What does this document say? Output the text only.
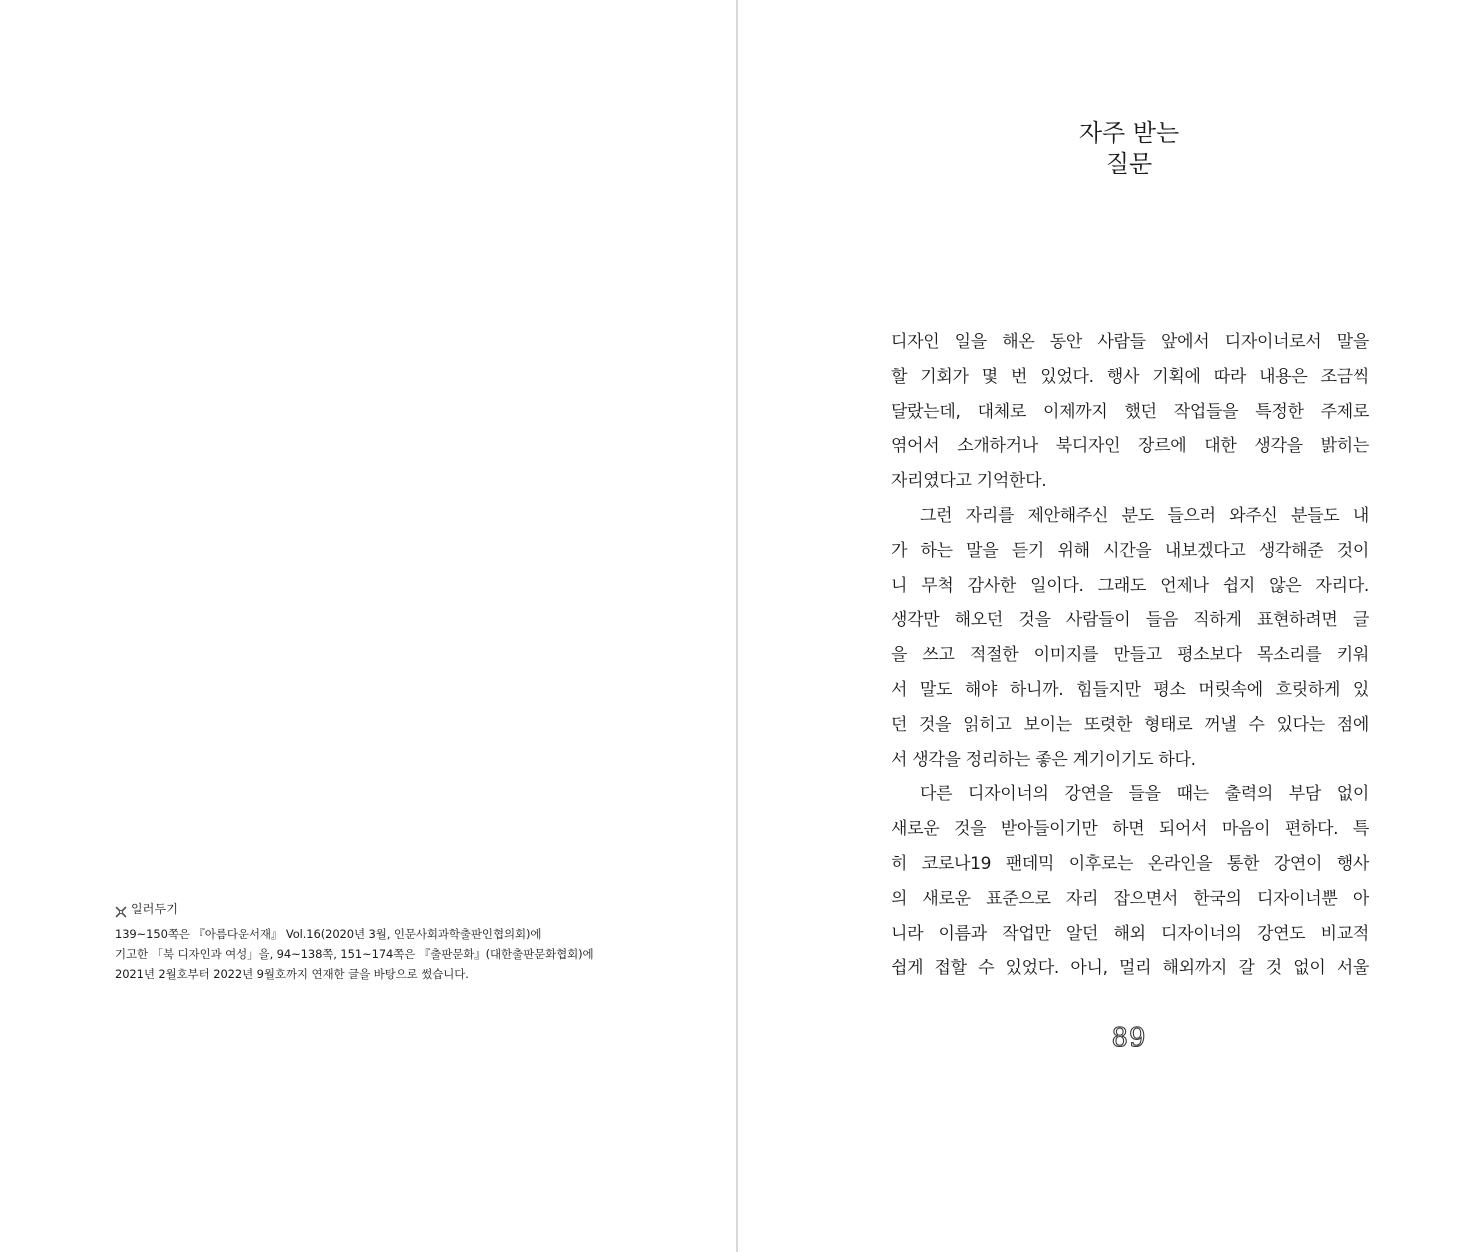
일러두기
139~150쪽은 『아름다운서재』 Vol.16(2020년 3월, 인문사회과학출판인협의회)에
기고한 「북 디자인과 여성」을, 94~138쪽, 151~174쪽은 『출판문화』(대한출판문화협회)에
2021년 2월호부터 2022년 9월호까지 연재한 글을 바탕으로 썼습니다.
자주 받는
질문
디자인 일을 해온 동안 사람들 앞에서 디자이너로서 말을
할 기회가 몇 번 있었다. 행사 기획에 따라 내용은 조금씩
달랐는데, 대체로 이제까지 했던 작업들을 특정한 주제로
엮어서 소개하거나 북디자인 장르에 대한 생각을 밝히는
자리였다고 기억한다.
그런 자리를 제안해주신 분도 들으러 와주신 분들도 내
가 하는 말을 듣기 위해 시간을 내보겠다고 생각해준 것이
니 무척 감사한 일이다. 그래도 언제나 쉽지 않은 자리다.
생각만 해오던 것을 사람들이 들음 직하게 표현하려면 글
을 쓰고 적절한 이미지를 만들고 평소보다 목소리를 키워
서 말도 해야 하니까. 힘들지만 평소 머릿속에 흐릿하게 있
던 것을 읽히고 보이는 또렷한 형태로 꺼낼 수 있다는 점에
서 생각을 정리하는 좋은 계기이기도 하다.
다른 디자이너의 강연을 들을 때는 출력의 부담 없이
새로운 것을 받아들이기만 하면 되어서 마음이 편하다. 특
히 코로나19 팬데믹 이후로는 온라인을 통한 강연이 행사
의 새로운 표준으로 자리 잡으면서 한국의 디자이너뿐 아
니라 이름과 작업만 알던 해외 디자이너의 강연도 비교적
쉽게 접할 수 있었다. 아니, 멀리 해외까지 갈 것 없이 서울
89
